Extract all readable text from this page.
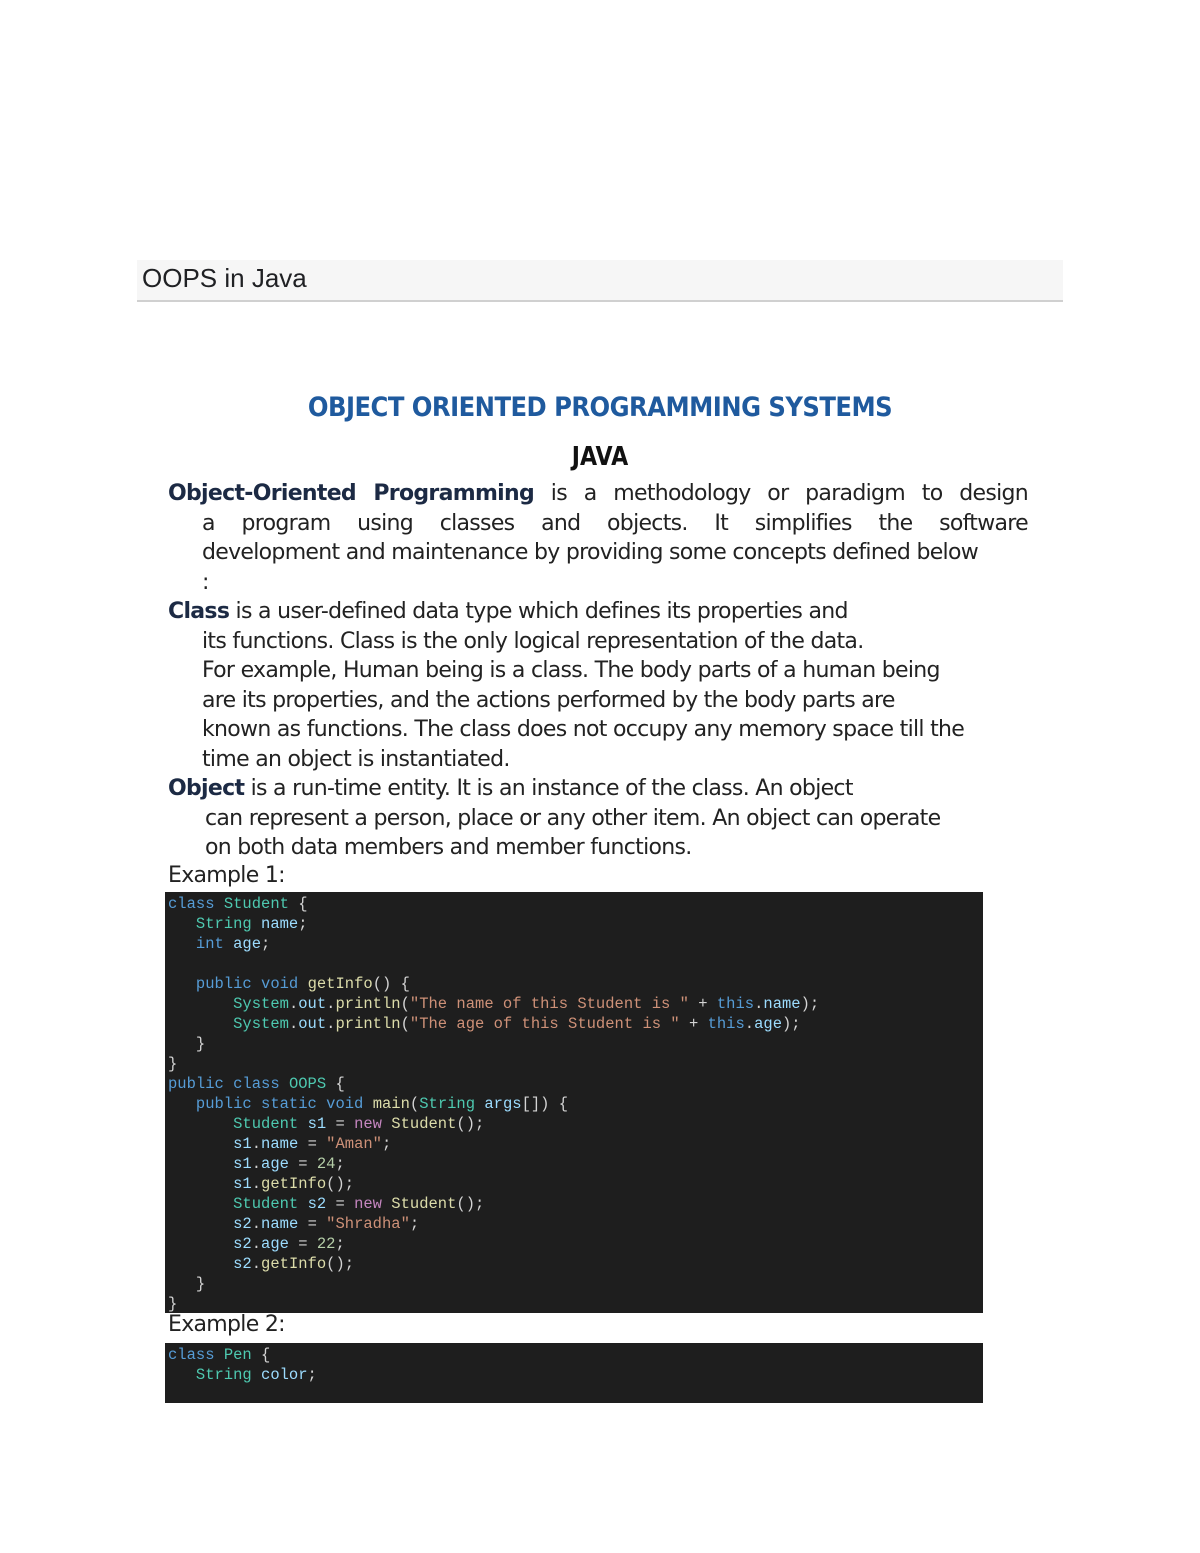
OOPS in Java
OBJECT ORIENTED PROGRAMMING SYSTEMS
JAVA
Object-Oriented Programming is a methodology or paradigm to design
a program using classes and objects. It simplifies the software
development and maintenance by providing some concepts defined below
:
Class is a user-defined data type which defines its properties and
its functions. Class is the only logical representation of the data.
For example, Human being is a class. The body parts of a human being
are its properties, and the actions performed by the body parts are
known as functions. The class does not occupy any memory space till the
time an object is instantiated.
Object is a run-time entity. It is an instance of the class. An object
can represent a person, place or any other item. An object can operate
on both data members and member functions.
Example 1:
class Student {
String name;
int age;
public void getInfo() {
System.out.println("The name of this Student is " + this.name);
System.out.println("The age of this Student is " + this.age);
}
}
public class OOPS {
public static void main(String args[]) {
Student s1 = new Student();
s1.name = "Aman";
s1.age = 24;
s1.getInfo();
Student s2 = new Student();
s2.name = "Shradha";
s2.age = 22;
s2.getInfo();
}
}
Example 2:
class Pen {
String color;
